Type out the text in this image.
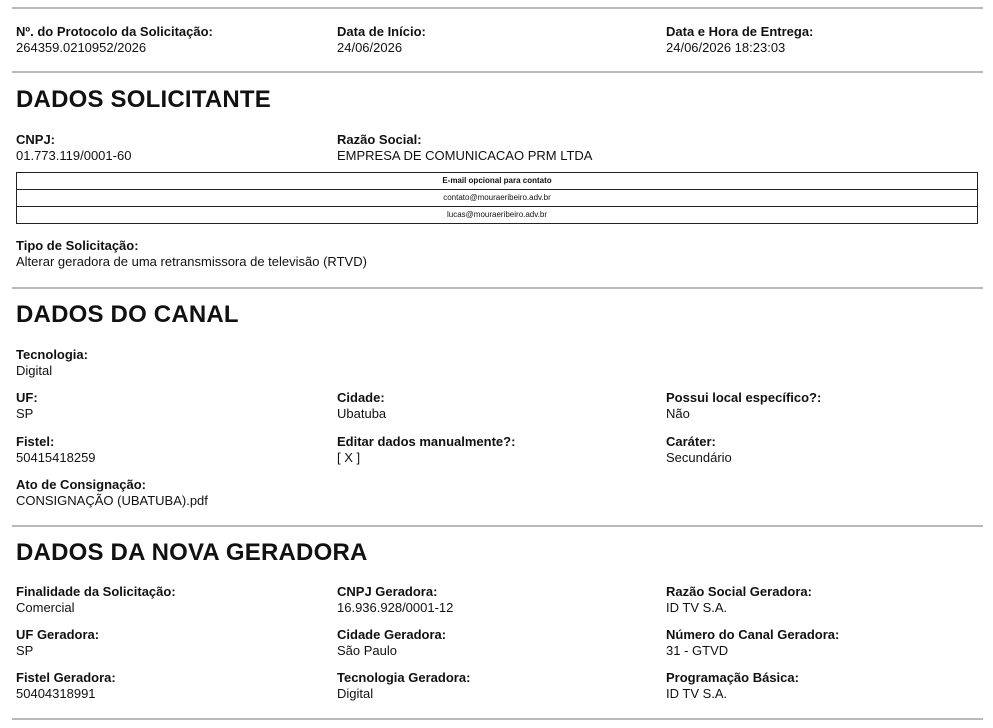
Nº. do Protocolo da Solicitação:
264359.0210952/2026
Data de Início:
24/06/2026
Data e Hora de Entrega:
24/06/2026 18:23:03
DADOS SOLICITANTE
CNPJ:
01.773.119/0001-60
Razão Social:
EMPRESA DE COMUNICACAO PRM LTDA
E-mail opcional para contato
contato@mouraeribeiro.adv.br
lucas@mouraeribeiro.adv.br
Tipo de Solicitação:
Alterar geradora de uma retransmissora de televisão (RTVD)
DADOS DO CANAL
Tecnologia:
Digital
UF:
SP
Cidade:
Ubatuba
Possui local específico?:
Não
Fistel:
50415418259
Editar dados manualmente?:
[ X ]
Caráter:
Secundário
Ato de Consignação:
CONSIGNAÇÃO (UBATUBA).pdf
DADOS DA NOVA GERADORA
Finalidade da Solicitação:
Comercial
CNPJ Geradora:
16.936.928/0001-12
Razão Social Geradora:
ID TV S.A.
UF Geradora:
SP
Cidade Geradora:
São Paulo
Número do Canal Geradora:
31 - GTVD
Fistel Geradora:
50404318991
Tecnologia Geradora:
Digital
Programação Básica:
ID TV S.A.
